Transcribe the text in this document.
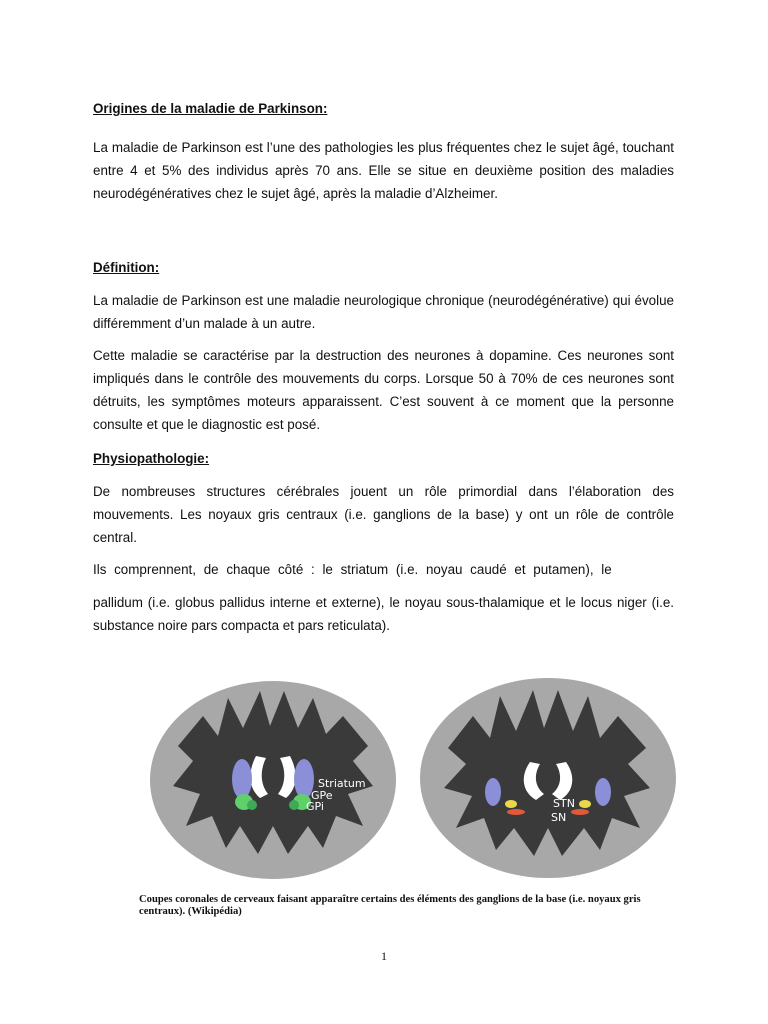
Origines de la maladie de Parkinson:

La maladie de Parkinson est l’une des pathologies les plus fréquentes chez le sujet âgé, touchant entre 4 et 5% des individus après 70 ans. Elle se situe en deuxième position des maladies neurodégénératives chez le sujet âgé, après la maladie d’Alzheimer.

Définition:

La maladie de Parkinson est une maladie neurologique chronique (neurodégénérative) qui évolue différemment d’un malade à un autre.

Cette maladie se caractérise par la destruction des neurones à dopamine. Ces neurones sont impliqués dans le contrôle des mouvements du corps. Lorsque 50 à 70% de ces neurones sont détruits, les symptômes moteurs apparaissent. C’est souvent à ce moment que la personne consulte et que le diagnostic est posé.

Physiopathologie:

De nombreuses structures cérébrales jouent un rôle primordial dans l’élaboration des mouvements. Les noyaux gris centraux (i.e. ganglions de la base) y ont un rôle de contrôle central.

Ils comprennent, de chaque côté : le striatum (i.e. noyau caudé et putamen), le

pallidum (i.e. globus pallidus interne et externe), le noyau sous-thalamique et le locus niger (i.e. substance noire pars compacta et pars reticulata).

Striatum
GPe
GPi	STN
SN

Coupes coronales de cerveaux faisant apparaître certains des éléments des ganglions de la base (i.e. noyaux gris centraux). (Wikipédia)

1
